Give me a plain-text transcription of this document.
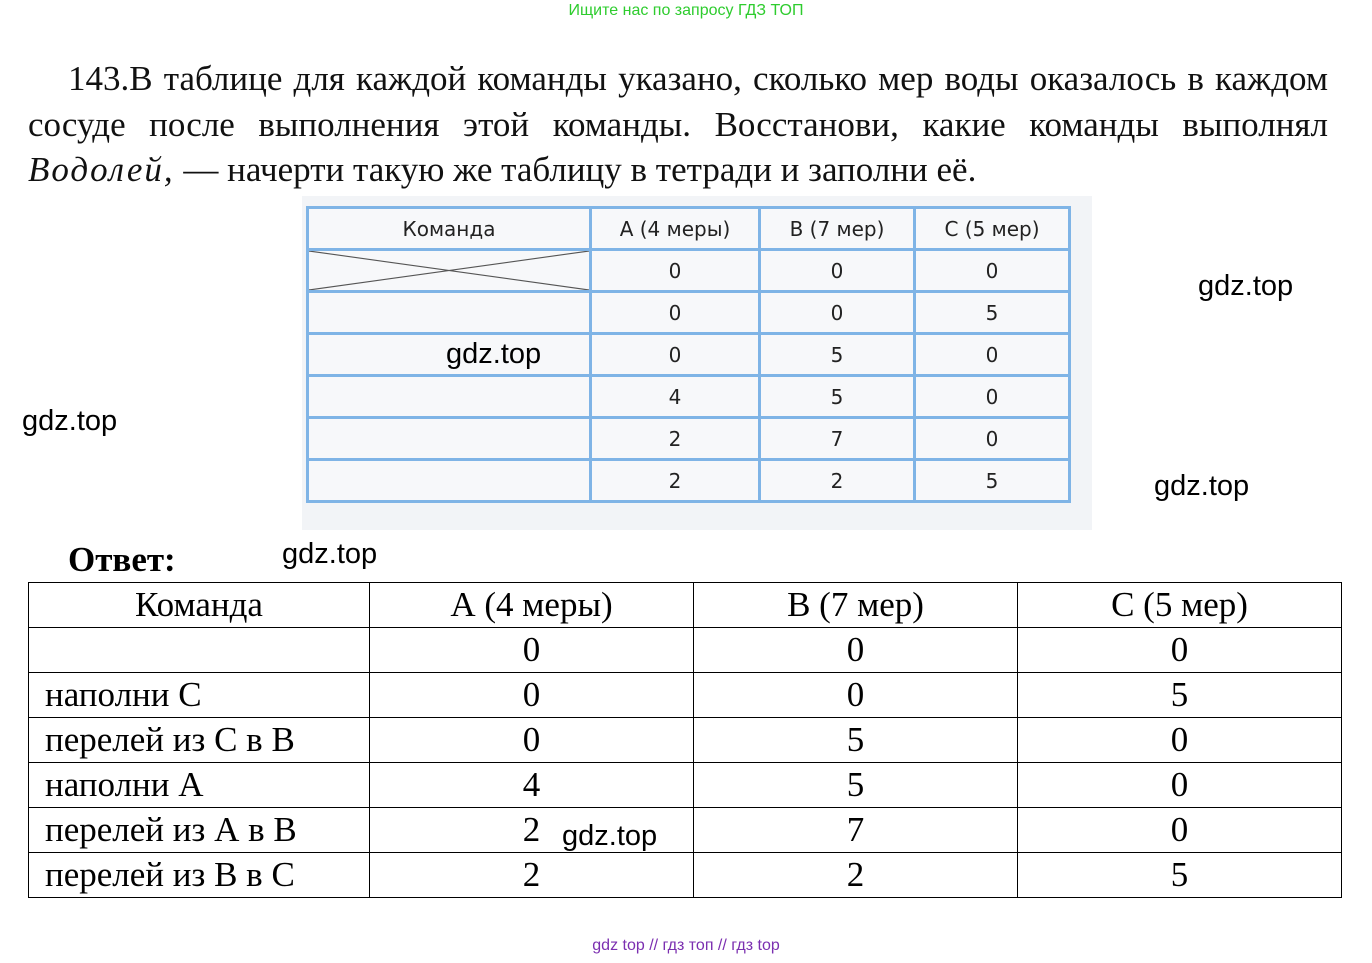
Ищите нас по запросу ГДЗ ТОП

143.В таблице для каждой команды указано, сколько мер воды оказалось в каждом сосуде после выполнения этой команды. Восстанови, какие команды выполнял Водолей, — начерти такую же таблицу в тетради и заполни её.

Команда	А (4 меры)	В (7 мер)	С (5 мер)

	0	0	0
	0	0	5
	0	5	0
	4	5	0
	2	7	0
	2	2	5
gdz.top
gdz.top
gdz.top
gdz.top
gdz.top
Ответ:
Команда	А (4 меры)	В (7 мер)	С (5 мер)
	0	0	0
наполни С	0	0	5
перелей из С в В	0	5	0
наполни А	4	5	0
перелей из А в В	2	7	0
перелей из В в С	2	2	5
gdz.top
gdz top // гдз топ // гдз top
